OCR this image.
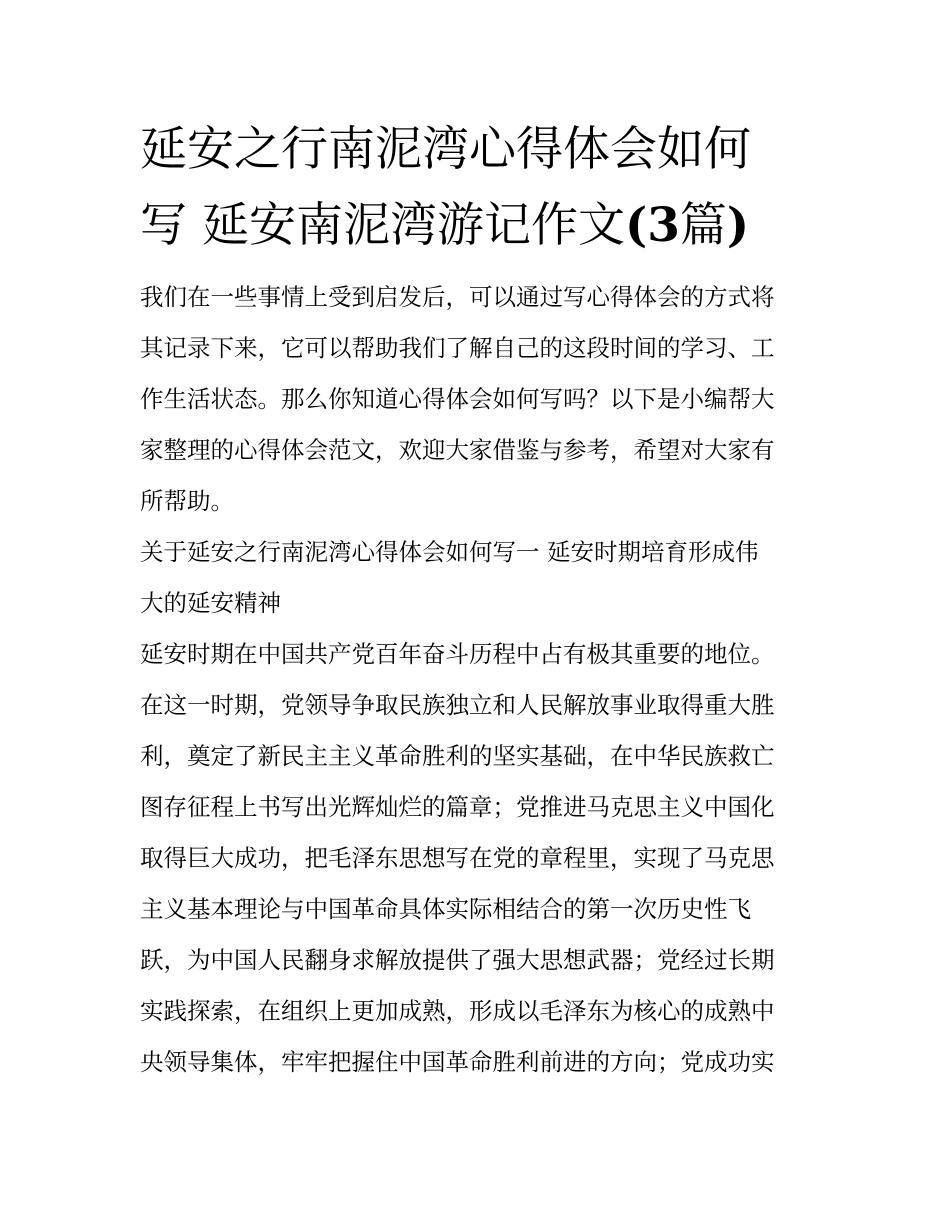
延安之行南泥湾心得体会如何
写 延安南泥湾游记作文(3篇)

我们在一些事情上受到启发后，可以通过写心得体会的方式将
其记录下来，它可以帮助我们了解自己的这段时间的学习、工
作生活状态。那么你知道心得体会如何写吗？以下是小编帮大
家整理的心得体会范文，欢迎大家借鉴与参考，希望对大家有
所帮助。

关于延安之行南泥湾心得体会如何写一 延安时期培育形成伟
大的延安精神

延安时期在中国共产党百年奋斗历程中占有极其重要的地位。
在这一时期，党领导争取民族独立和人民解放事业取得重大胜
利，奠定了新民主主义革命胜利的坚实基础，在中华民族救亡
图存征程上书写出光辉灿烂的篇章；党推进马克思主义中国化
取得巨大成功，把毛泽东思想写在党的章程里，实现了马克思
主义基本理论与中国革命具体实际相结合的第一次历史性飞
跃，为中国人民翻身求解放提供了强大思想武器；党经过长期
实践探索，在组织上更加成熟，形成以毛泽东为核心的成熟中
央领导集体，牢牢把握住中国革命胜利前进的方向；党成功实
